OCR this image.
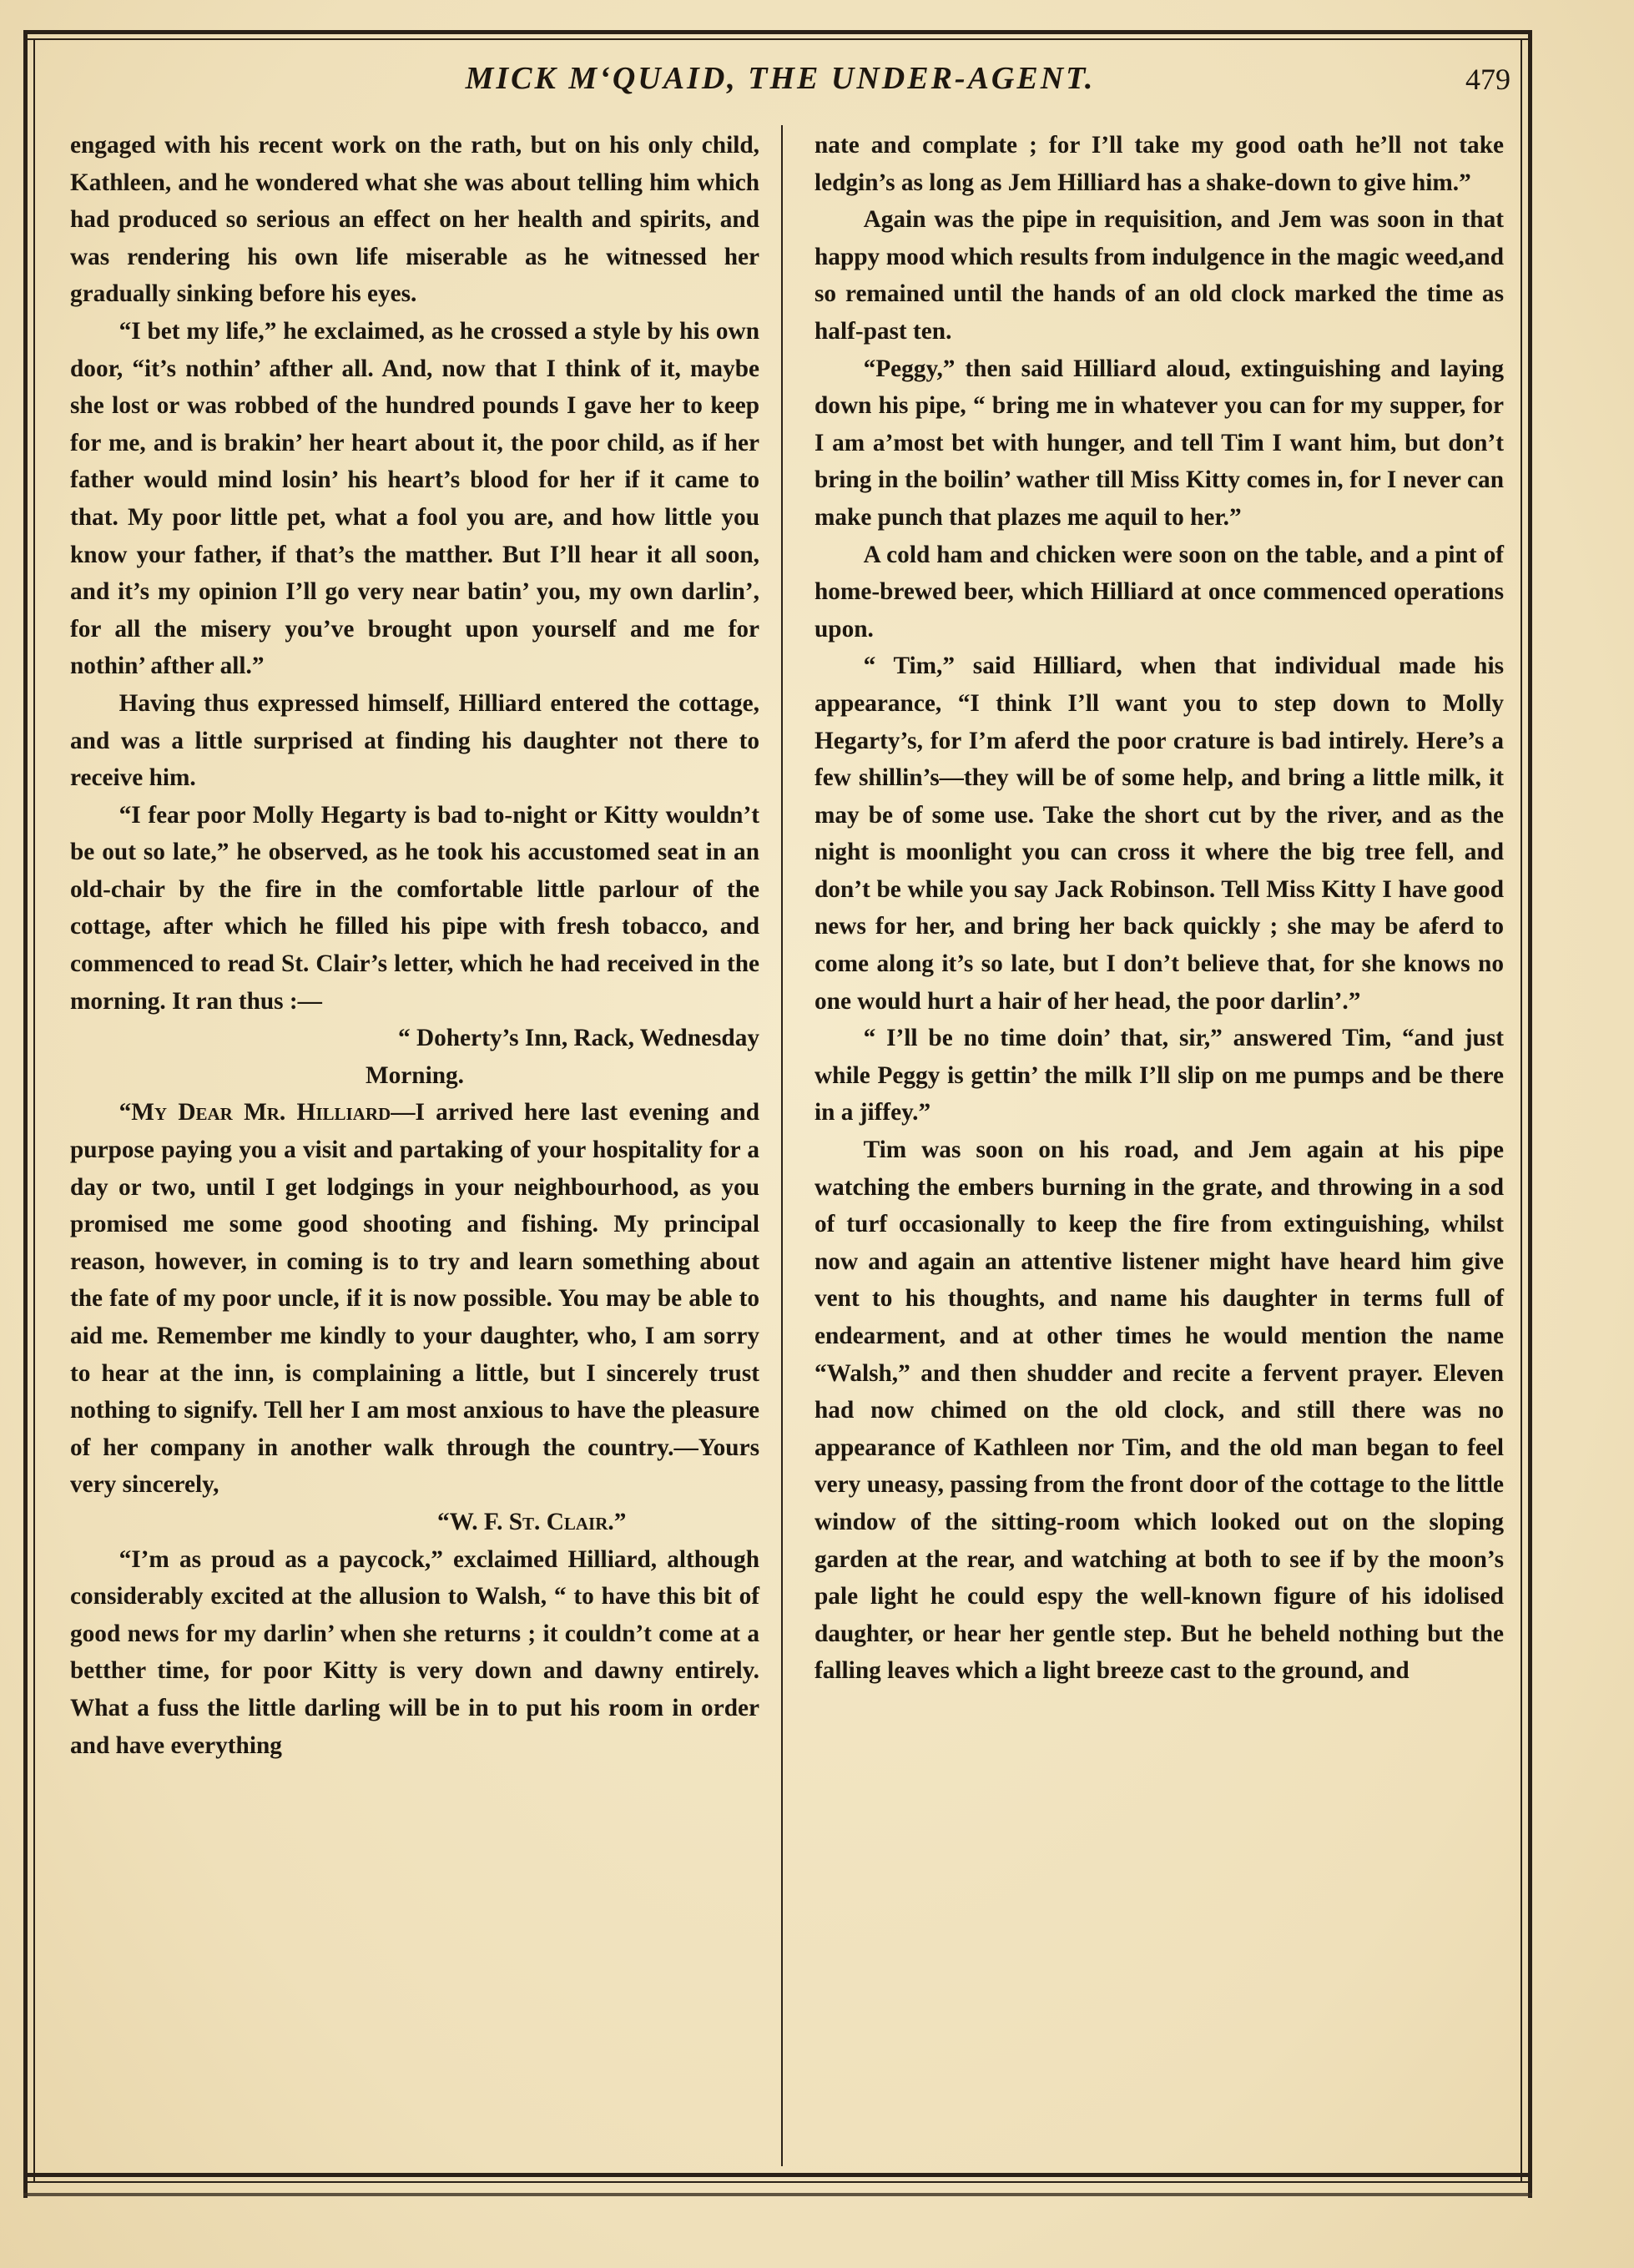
MICK M‘QUAID, THE UNDER-AGENT.	479

engaged with his recent work on the rath, but on his only child, Kathleen, and he wondered what she was about telling him which had produced so serious an effect on her health and spirits, and was rendering his own life miserable as he witnessed her gradually sinking before his eyes.

“I bet my life,” he exclaimed, as he crossed a style by his own door, “it’s nothin’ afther all. And, now that I think of it, maybe she lost or was robbed of the hundred pounds I gave her to keep for me, and is brakin’ her heart about it, the poor child, as if her father would mind losin’ his heart’s blood for her if it came to that. My poor little pet, what a fool you are, and how little you know your father, if that’s the matther. But I’ll hear it all soon, and it’s my opinion I’ll go very near batin’ you, my own darlin’, for all the misery you’ve brought upon yourself and me for nothin’ afther all.”

Having thus expressed himself, Hilliard entered the cottage, and was a little surprised at finding his daughter not there to receive him.

“I fear poor Molly Hegarty is bad to-night or Kitty wouldn’t be out so late,” he observed, as he took his accustomed seat in an old-chair by the fire in the comfortable little parlour of the cottage, after which he filled his pipe with fresh tobacco, and commenced to read St. Clair’s letter, which he had received in the morning. It ran thus :—

“ Doherty’s Inn, Rack, Wednesday

Morning.

“My Dear Mr. Hilliard—I arrived here last evening and purpose paying you a visit and partaking of your hospitality for a day or two, until I get lodgings in your neighbourhood, as you promised me some good shooting and fishing. My principal reason, however, in coming is to try and learn something about the fate of my poor uncle, if it is now possible. You may be able to aid me. Remember me kindly to your daughter, who, I am sorry to hear at the inn, is complaining a little, but I sincerely trust nothing to signify. Tell her I am most anxious to have the pleasure of her company in another walk through the country.—Yours very sincerely,

“W. F. St. Clair.”

“I’m as proud as a paycock,” exclaimed Hilliard, although considerably excited at the allusion to Walsh, “ to have this bit of good news for my darlin’ when she returns ; it couldn’t come at a betther time, for poor Kitty is very down and dawny entirely. What a fuss the little darling will be in to put his room in order and have everything

nate and complate ; for I’ll take my good oath he’ll not take ledgin’s as long as Jem Hilliard has a shake-down to give him.”

Again was the pipe in requisition, and Jem was soon in that happy mood which results from indulgence in the magic weed,and so remained until the hands of an old clock marked the time as half-past ten.

“Peggy,” then said Hilliard aloud, extinguishing and laying down his pipe, “ bring me in whatever you can for my supper, for I am a’most bet with hunger, and tell Tim I want him, but don’t bring in the boilin’ wather till Miss Kitty comes in, for I never can make punch that plazes me aquil to her.”

A cold ham and chicken were soon on the table, and a pint of home-brewed beer, which Hilliard at once commenced operations upon.

“ Tim,” said Hilliard, when that individual made his appearance, “I think I’ll want you to step down to Molly Hegarty’s, for I’m aferd the poor crature is bad intirely. Here’s a few shillin’s—they will be of some help, and bring a little milk, it may be of some use. Take the short cut by the river, and as the night is moonlight you can cross it where the big tree fell, and don’t be while you say Jack Robinson. Tell Miss Kitty I have good news for her, and bring her back quickly ; she may be aferd to come along it’s so late, but I don’t believe that, for she knows no one would hurt a hair of her head, the poor darlin’.”

“ I’ll be no time doin’ that, sir,” answered Tim, “and just while Peggy is gettin’ the milk I’ll slip on me pumps and be there in a jiffey.”

Tim was soon on his road, and Jem again at his pipe watching the embers burning in the grate, and throwing in a sod of turf occasionally to keep the fire from extinguishing, whilst now and again an attentive listener might have heard him give vent to his thoughts, and name his daughter in terms full of endearment, and at other times he would mention the name “Walsh,” and then shudder and recite a fervent prayer. Eleven had now chimed on the old clock, and still there was no appearance of Kathleen nor Tim, and the old man began to feel very uneasy, passing from the front door of the cottage to the little window of the sitting-room which looked out on the sloping garden at the rear, and watching at both to see if by the moon’s pale light he could espy the well-known figure of his idolised daughter, or hear her gentle step. But he beheld nothing but the falling leaves which a light breeze cast to the ground, and
